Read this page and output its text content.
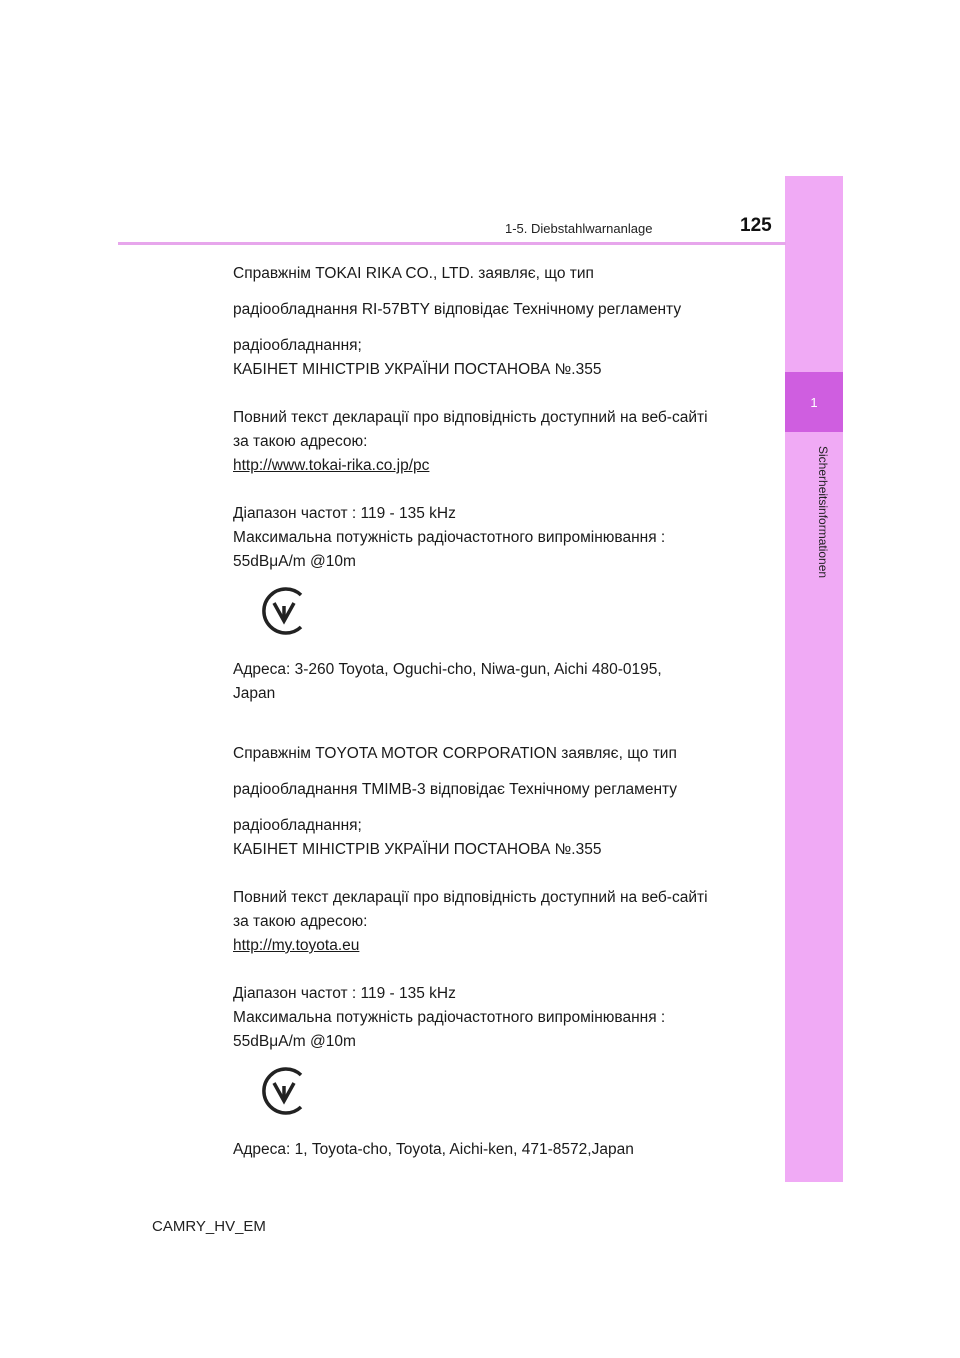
1
Sicherheitsinformationen
1-5. Diebstahlwarnanlage	125

Справжнім TOKAI RIKA CO., LTD. заявляє, що тип

радіообладнання RI-57BTY відповідає Технічному регламенту

радіообладнання;

КАБІНЕТ МІНІСТРІВ УКРАЇНИ ПОСТАНОВА №.355

Повний текст декларації про відповідність доступний на веб-сайті

за такою адресою:

http://www.tokai-rika.co.jp/pc

Діапазон частот : 119 - 135 kHz

Максимальна потужність радіочастотного випромінювання :

55dBμA/m @10m

Адреса: 3-260 Toyota, Oguchi-cho, Niwa-gun, Aichi 480-0195,

Japan

Справжнім TOYOTA MOTOR CORPORATION заявляє, що тип

радіообладнання TMIMB-3 відповідає Технічному регламенту

радіообладнання;

КАБІНЕТ МІНІСТРІВ УКРАЇНИ ПОСТАНОВА №.355

Повний текст декларації про відповідність доступний на веб-сайті

за такою адресою:

http://my.toyota.eu

Діапазон частот : 119 - 135 kHz

Максимальна потужність радіочастотного випромінювання :

55dBμA/m @10m

Адреса: 1, Toyota-cho, Toyota, Aichi-ken, 471-8572,Japan

CAMRY_HV_EM
